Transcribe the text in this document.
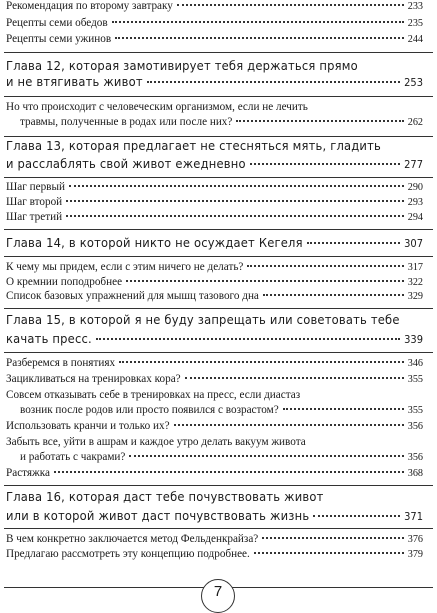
Рекомендация по второму завтраку	233
Рецепты семи обедов	235
Рецепты семи ужинов	244
Глава 12, которая замотивирует тебя держаться прямо
и не втягивать живот	253
Но что происходит с человеческим организмом, если не лечить
травмы, полученные в родах или после них?	262
Глава 13, которая предлагает не стесняться мять, гладить
и расслаблять свой живот ежедневно	277
Шаг первый	290
Шаг второй	293
Шаг третий	294
Глава 14, в которой никто не осуждает Кегеля	307
К чему мы придем, если с этим ничего не делать?	317
О кремнии поподробнее	322
Список базовых упражнений для мышц тазового дна	329
Глава 15, в которой я не буду запрещать или советовать тебе
качать пресс.	339
Разберемся в понятиях	346
Зацикливаться на тренировках кора?	355
Совсем отказывать себе в тренировках на пресс, если диастаз
возник после родов или просто появился с возрастом?	355
Использовать кранчи и только их?	356
Забыть все, уйти в ашрам и каждое утро делать вакуум живота
и работать с чакрами?	356
Растяжка	368
Глава 16, которая даст тебе почувствовать живот
или в которой живот даст почувствовать жизнь	371
В чем конкретно заключается метод Фельденкрайза?	376
Предлагаю рассмотреть эту концепцию подробнее.	379
7
